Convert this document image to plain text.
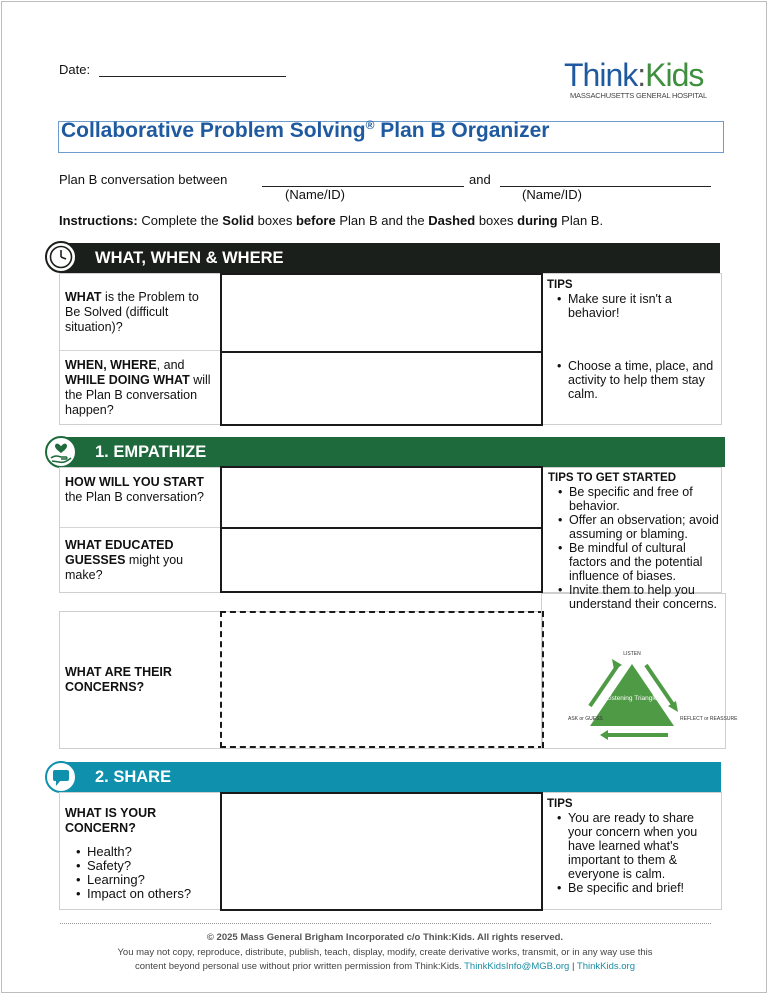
Date:	Think:Kids
MASSACHUSETTS GENERAL HOSPITAL
Collaborative Problem Solving® Plan B Organizer
Plan B conversation between	and
(Name/ID)	(Name/ID)
Instructions: Complete the Solid boxes before Plan B and the Dashed boxes during Plan B.
WHAT, WHEN & WHERE
WHAT is the Problem to Be Solved (difficult situation)?
WHEN, WHERE, and WHILE DOING WHAT will the Plan B conversation happen?
TIPS
• Make sure it isn't a behavior!
• Choose a time, place, and activity to help them stay calm.
1. EMPATHIZE
HOW WILL YOU START the Plan B conversation?
WHAT EDUCATED GUESSES might you make?
WHAT ARE THEIR CONCERNS?
TIPS TO GET STARTED
• Be specific and free of behavior.
• Offer an observation; avoid assuming or blaming.
• Be mindful of cultural factors and the potential influence of biases.
• Invite them to help you understand their concerns.
LISTEN
Listening Triangle
ASK or GUESS	REFLECT or REASSURE
2. SHARE
WHAT IS YOUR CONCERN?
• Health?
• Safety?
• Learning?
• Impact on others?
TIPS
• You are ready to share your concern when you have learned what's important to them & everyone is calm.
• Be specific and brief!
© 2025 Mass General Brigham Incorporated c/o Think:Kids. All rights reserved.
You may not copy, reproduce, distribute, publish, teach, display, modify, create derivative works, transmit, or in any way use this
content beyond personal use without prior written permission from Think:Kids. ThinkKidsInfo@MGB.org | ThinkKids.org
